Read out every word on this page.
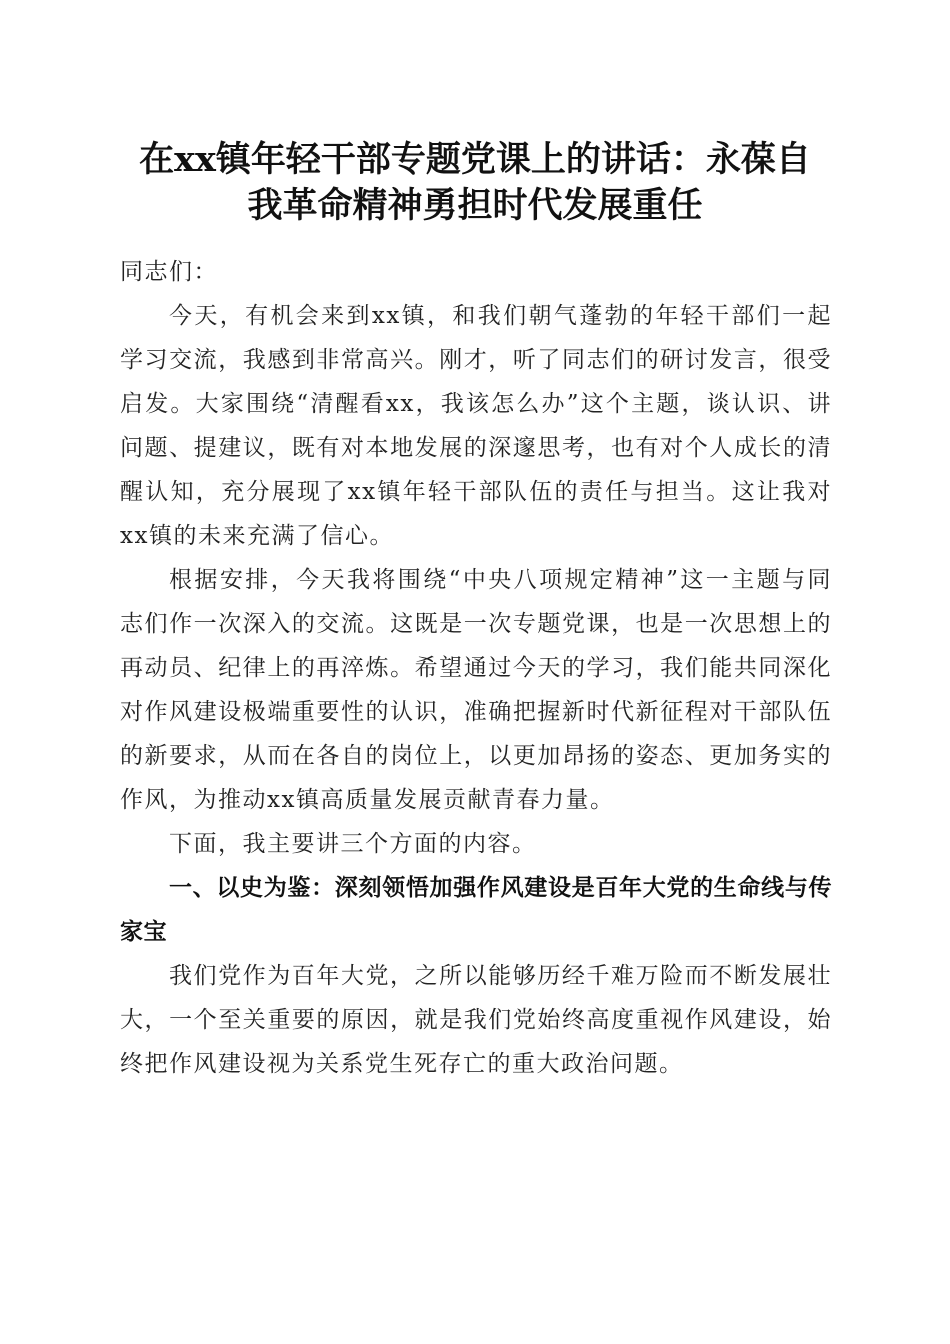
在xx镇年轻干部专题党课上的讲话：永葆自
我革命精神勇担时代发展重任

同志们：

今天，有机会来到xx镇，和我们朝气蓬勃的年轻干部们一起学习交流，我感到非常高兴。刚才，听了同志们的研讨发言，很受启发。大家围绕“清醒看xx，我该怎么办”这个主题，谈认识、讲问题、提建议，既有对本地发展的深邃思考，也有对个人成长的清醒认知，充分展现了xx镇年轻干部队伍的责任与担当。这让我对xx镇的未来充满了信心。

根据安排，今天我将围绕“中央八项规定精神”这一主题与同志们作一次深入的交流。这既是一次专题党课，也是一次思想上的再动员、纪律上的再淬炼。希望通过今天的学习，我们能共同深化对作风建设极端重要性的认识，准确把握新时代新征程对干部队伍的新要求，从而在各自的岗位上，以更加昂扬的姿态、更加务实的作风，为推动xx镇高质量发展贡献青春力量。

下面，我主要讲三个方面的内容。

一、以史为鉴：深刻领悟加强作风建设是百年大党的生命线与传家宝

我们党作为百年大党，之所以能够历经千难万险而不断发展壮大，一个至关重要的原因，就是我们党始终高度重视作风建设，始终把作风建设视为关系党生死存亡的重大政治问题。
